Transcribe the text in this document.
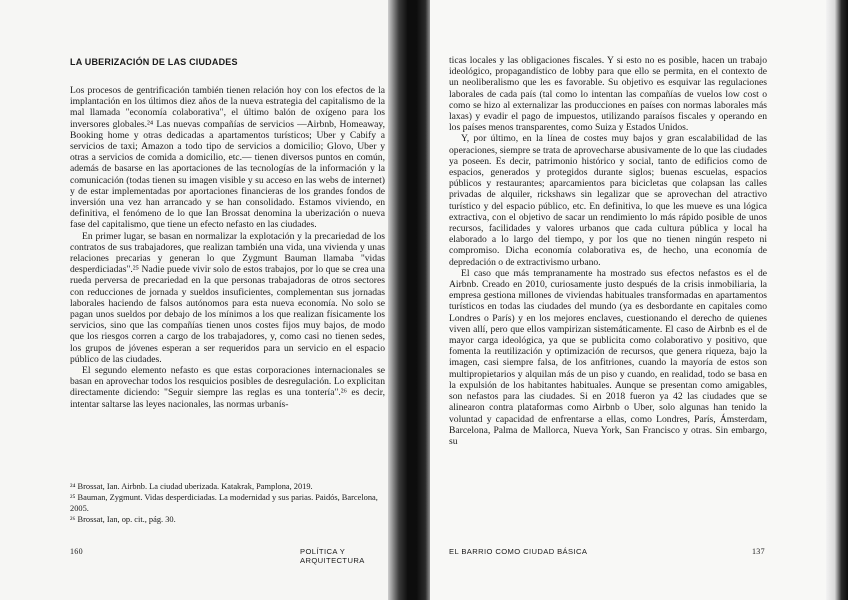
LA UBERIZACIÓN DE LAS CIUDADES

Los procesos de gentrificación también tienen relación hoy con los efectos de la implantación en los últimos diez años de la nueva estrategia del capitalismo de la mal llamada "economía colaborativa", el último balón de oxígeno para los inversores globales.²⁴ Las nuevas compañías de servicios —Airbnb, Homeaway, Booking home y otras dedicadas a apartamentos turísticos; Uber y Cabify a servicios de taxi; Amazon a todo tipo de servicios a domicilio; Glovo, Uber y otras a servicios de comida a domicilio, etc.— tienen diversos puntos en común, además de basarse en las aportaciones de las tecnologías de la información y la comunicación (todas tienen su imagen visible y su acceso en las webs de internet) y de estar implementadas por aportaciones financieras de los grandes fondos de inversión una vez han arrancado y se han consolidado. Estamos viviendo, en definitiva, el fenómeno de lo que Ian Brossat denomina la uberización o nueva fase del capitalismo, que tiene un efecto nefasto en las ciudades.

En primer lugar, se basan en normalizar la explotación y la precariedad de los contratos de sus trabajadores, que realizan también una vida, una vivienda y unas relaciones precarias y generan lo que Zygmunt Bauman llamaba "vidas desperdiciadas".²⁵ Nadie puede vivir solo de estos trabajos, por lo que se crea una rueda perversa de precariedad en la que personas trabajadoras de otros sectores con reducciones de jornada y sueldos insuficientes, complementan sus jornadas laborales haciendo de falsos autónomos para esta nueva economía. No solo se pagan unos sueldos por debajo de los mínimos a los que realizan físicamente los servicios, sino que las compañías tienen unos costes fijos muy bajos, de modo que los riesgos corren a cargo de los trabajadores, y, como casi no tienen sedes, los grupos de jóvenes esperan a ser requeridos para un servicio en el espacio público de las ciudades.

El segundo elemento nefasto es que estas corporaciones internacionales se basan en aprovechar todos los resquicios posibles de desregulación. Lo explicitan directamente diciendo: "Seguir siempre las reglas es una tontería".²⁶ es decir, intentar saltarse las leyes nacionales, las normas urbanís-

²⁴ Brossat, Ian. Airbnb. La ciudad uberizada. Katakrak, Pamplona, 2019.
²⁵ Bauman, Zygmunt. Vidas desperdiciadas. La modernidad y sus parias. Paidós, Barcelona, 2005.
²⁶ Brossat, Ian, op. cit., pág. 30.
160	POLÍTICA Y ARQUITECTURA

ticas locales y las obligaciones fiscales. Y si esto no es posible, hacen un trabajo ideológico, propagandístico de lobby para que ello se permita, en el contexto de un neoliberalismo que les es favorable. Su objetivo es esquivar las regulaciones laborales de cada país (tal como lo intentan las compañías de vuelos low cost o como se hizo al externalizar las producciones en países con normas laborales más laxas) y evadir el pago de impuestos, utilizando paraísos fiscales y operando en los países menos transparentes, como Suiza y Estados Unidos.

Y, por último, en la línea de costes muy bajos y gran escalabilidad de las operaciones, siempre se trata de aprovecharse abusivamente de lo que las ciudades ya poseen. Es decir, patrimonio histórico y social, tanto de edificios como de espacios, generados y protegidos durante siglos; buenas escuelas, espacios públicos y restaurantes; aparcamientos para bicicletas que colapsan las calles privadas de alquiler, rickshaws sin legalizar que se aprovechan del atractivo turístico y del espacio público, etc. En definitiva, lo que les mueve es una lógica extractiva, con el objetivo de sacar un rendimiento lo más rápido posible de unos recursos, facilidades y valores urbanos que cada cultura pública y local ha elaborado a lo largo del tiempo, y por los que no tienen ningún respeto ni compromiso. Dicha economía colaborativa es, de hecho, una economía de depredación o de extractivismo urbano.

El caso que más tempranamente ha mostrado sus efectos nefastos es el de Airbnb. Creado en 2010, curiosamente justo después de la crisis inmobiliaria, la empresa gestiona millones de viviendas habituales transformadas en apartamentos turísticos en todas las ciudades del mundo (ya es desbordante en capitales como Londres o París) y en los mejores enclaves, cuestionando el derecho de quienes viven allí, pero que ellos vampirizan sistemáticamente. El caso de Airbnb es el de mayor carga ideológica, ya que se publicita como colaborativo y positivo, que fomenta la reutilización y optimización de recursos, que genera riqueza, bajo la imagen, casi siempre falsa, de los anfitriones, cuando la mayoría de estos son multipropietarios y alquilan más de un piso y cuando, en realidad, todo se basa en la expulsión de los habitantes habituales. Aunque se presentan como amigables, son nefastos para las ciudades. Si en 2018 fueron ya 42 las ciudades que se alinearon contra plataformas como Airbnb o Uber, solo algunas han tenido la voluntad y capacidad de enfrentarse a ellas, como Londres, París, Ámsterdam, Barcelona, Palma de Mallorca, Nueva York, San Francisco y otras. Sin embargo, su

EL BARRIO COMO CIUDAD BÁSICA	137
